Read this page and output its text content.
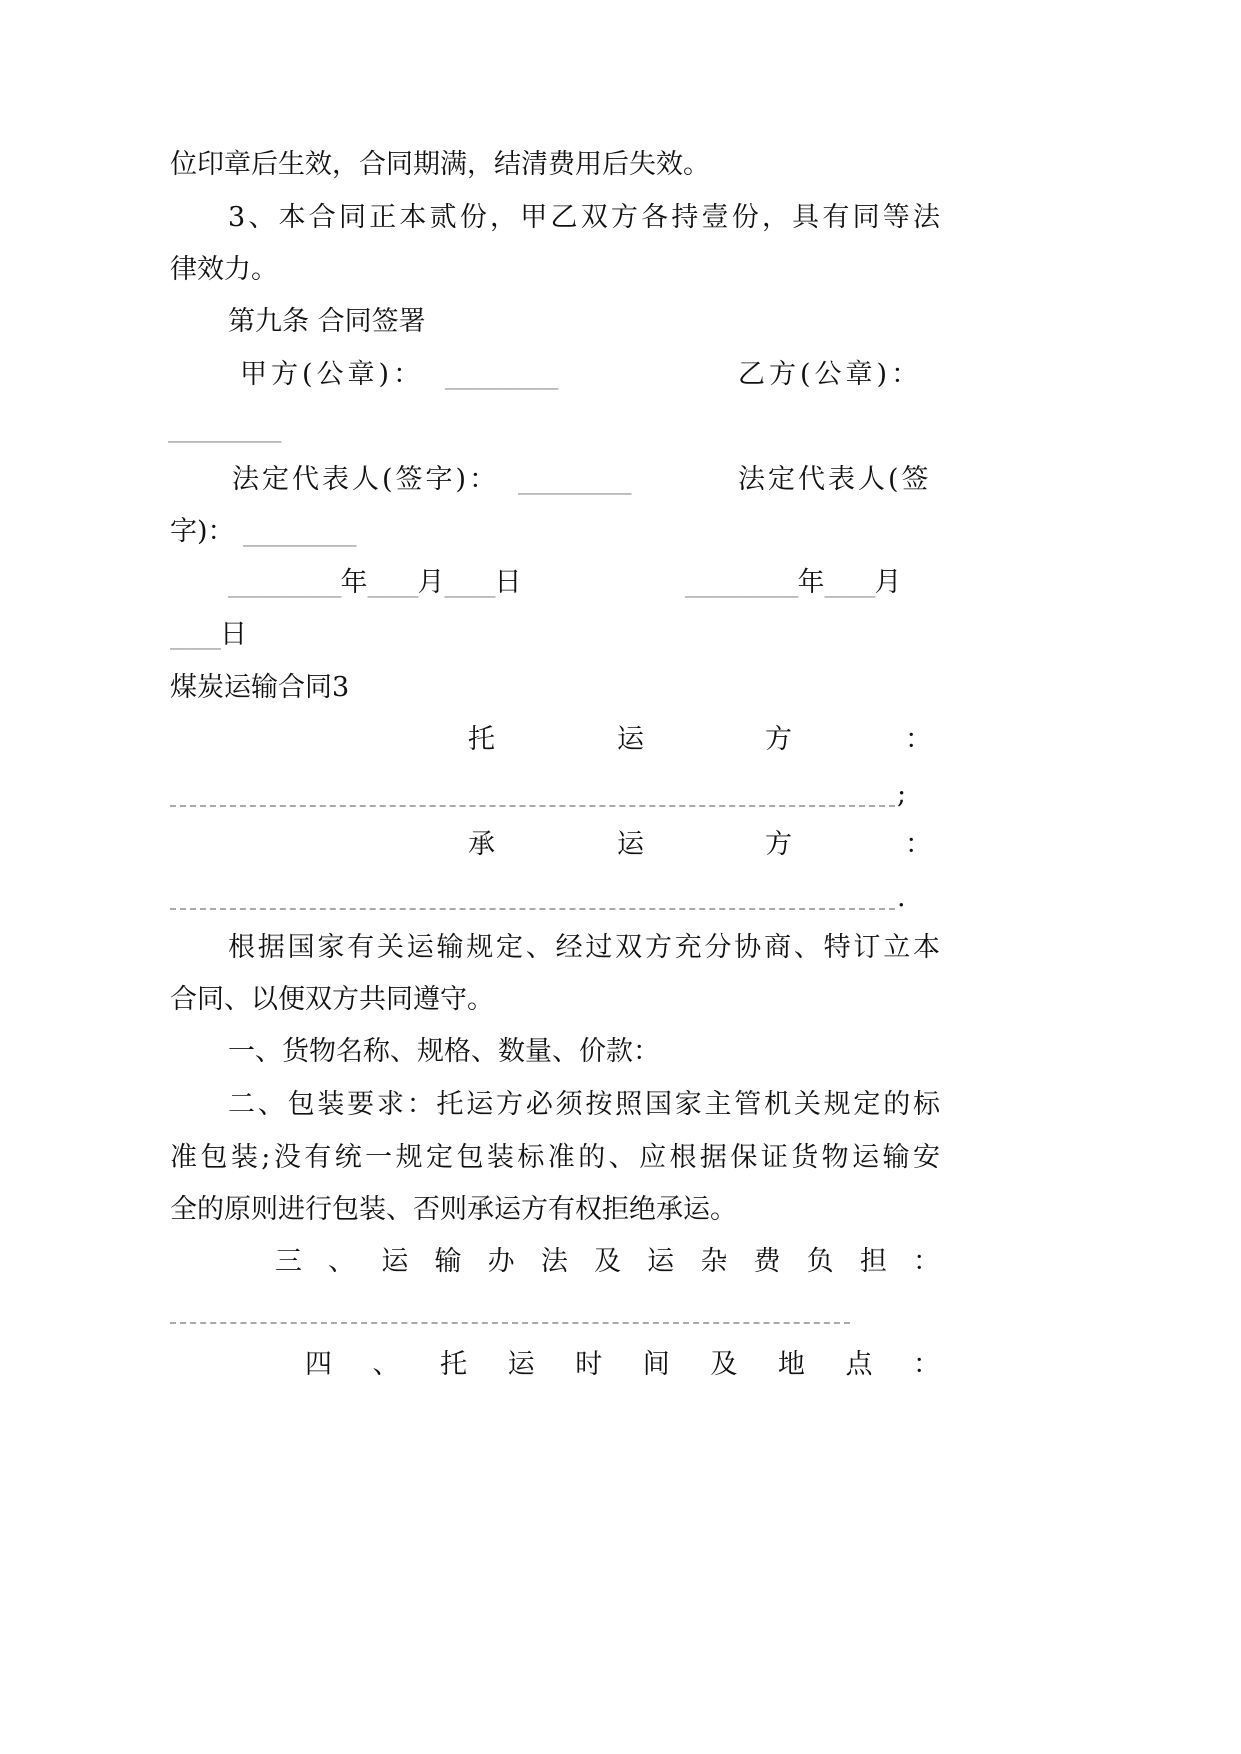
位印章后生效，合同期满，结清费用后失效。
3、本合同正本贰份，甲乙双方各持壹份，具有同等法
律效力。
第九条 合同签署
甲方(公章)： _________	乙方(公章)：
_________
法定代表人(签字)： _________	法定代表人(签
字)： _________
_________年____月____日	_________年____月
____日
煤炭运输合同3
托	运	方	：
;
承	运	方	：
.
根据国家有关运输规定、经过双方充分协商、特订立本
合同、以便双方共同遵守。
一、货物名称、规格、数量、价款：
二、包装要求：托运方必须按照国家主管机关规定的标
准包装;没有统一规定包装标准的、应根据保证货物运输安
全的原则进行包装、否则承运方有权拒绝承运。
三、运输办法及运杂费负担：
四、托运时间及地点：
